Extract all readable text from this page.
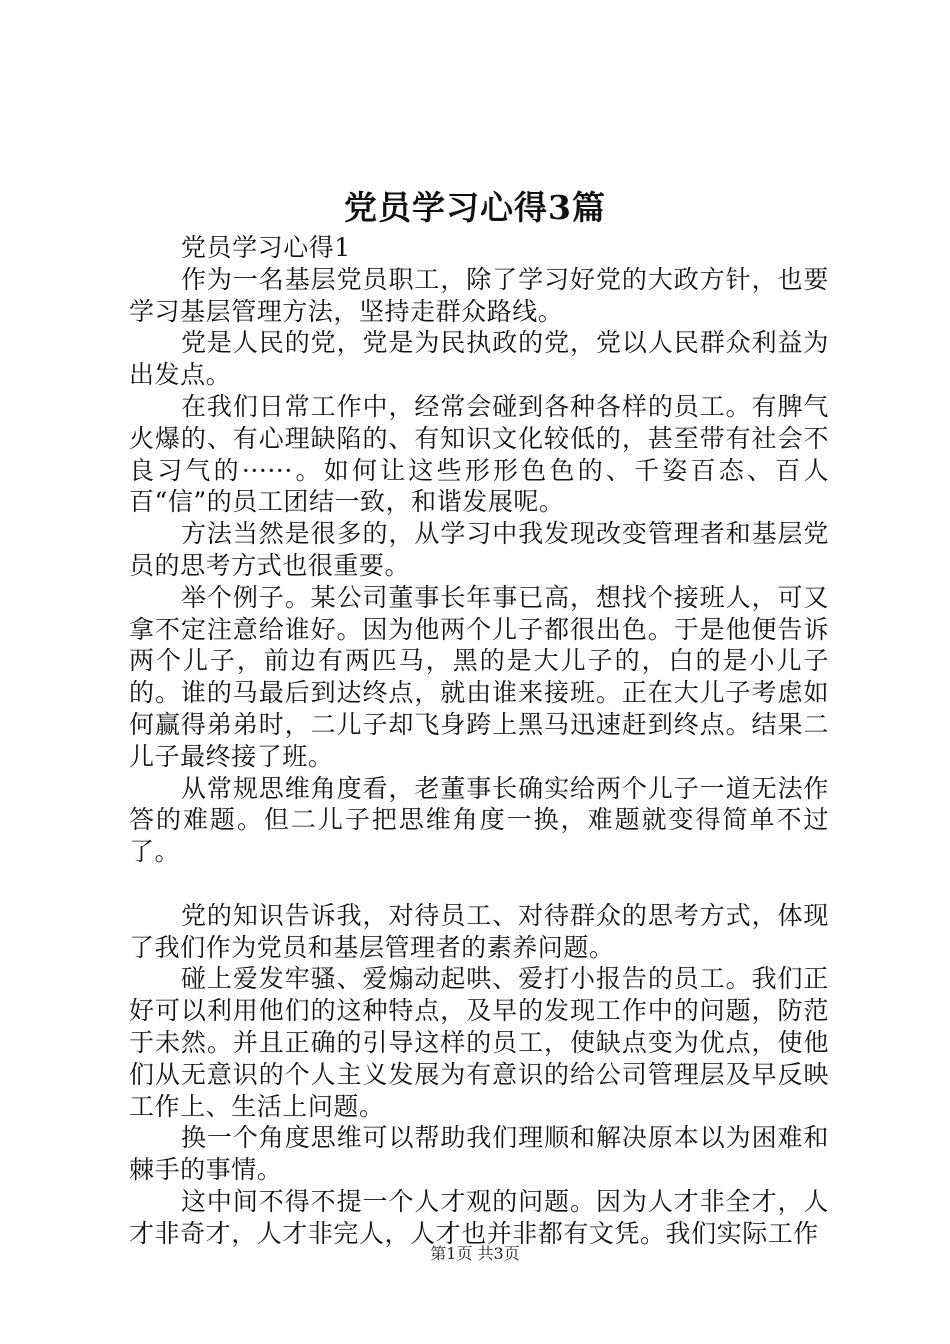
党员学习心得3篇

党员学习心得1

作为一名基层党员职工，除了学习好党的大政方针，也要学习基层管理方法，坚持走群众路线。

党是人民的党，党是为民执政的党，党以人民群众利益为出发点。

在我们日常工作中，经常会碰到各种各样的员工。有脾气火爆的、有心理缺陷的、有知识文化较低的，甚至带有社会不良习气的······。如何让这些形形色色的、千姿百态、百人百“信”的员工团结一致，和谐发展呢。

方法当然是很多的，从学习中我发现改变管理者和基层党员的思考方式也很重要。

举个例子。某公司董事长年事已高，想找个接班人，可又拿不定注意给谁好。因为他两个儿子都很出色。于是他便告诉两个儿子，前边有两匹马，黑的是大儿子的，白的是小儿子的。谁的马最后到达终点，就由谁来接班。正在大儿子考虑如何赢得弟弟时，二儿子却飞身跨上黑马迅速赶到终点。结果二儿子最终接了班。

从常规思维角度看，老董事长确实给两个儿子一道无法作答的难题。但二儿子把思维角度一换，难题就变得简单不过了。

党的知识告诉我，对待员工、对待群众的思考方式，体现了我们作为党员和基层管理者的素养问题。

碰上爱发牢骚、爱煽动起哄、爱打小报告的员工。我们正好可以利用他们的这种特点，及早的发现工作中的问题，防范于未然。并且正确的引导这样的员工，使缺点变为优点，使他们从无意识的个人主义发展为有意识的给公司管理层及早反映工作上、生活上问题。

换一个角度思维可以帮助我们理顺和解决原本以为困难和棘手的事情。

这中间不得不提一个人才观的问题。因为人才非全才，人才非奇才，人才非完人，人才也并非都有文凭。我们实际工作

第1页 共3页
